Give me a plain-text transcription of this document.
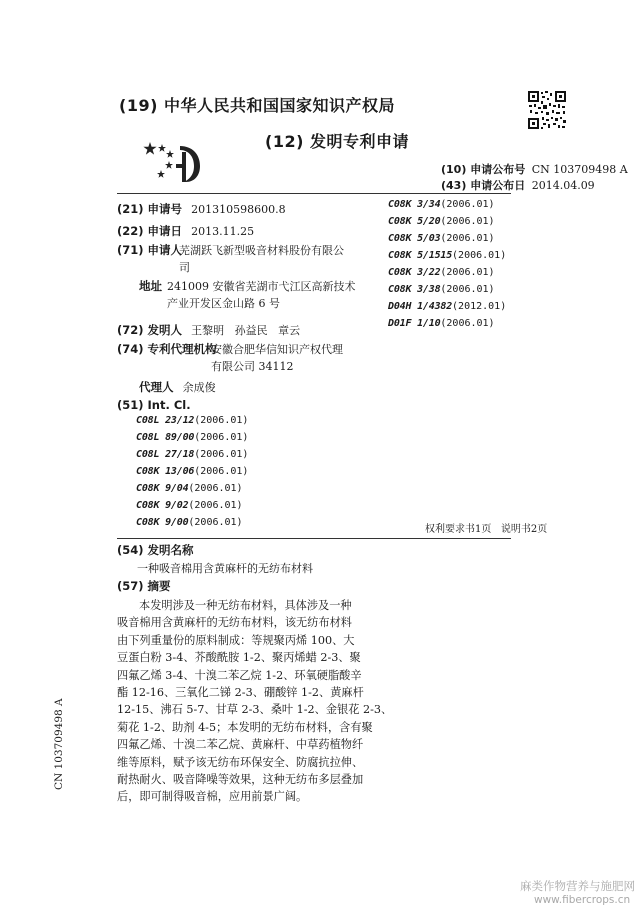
(19) 中华人民共和国国家知识产权局
(12) 发明专利申请
(10) 申请公布号 CN 103709498 A
(43) 申请公布日 2014.04.09
(21) 申请号 201310598600.8
(22) 申请日 2013.11.25
(71) 申请人
芜湖跃飞新型吸音材料股份有限公
司
地址 241009 安徽省芜湖市弋江区高新技术
产业开发区金山路 6 号
(72) 发明人 王黎明   孙益民   章云
(74) 专利代理机构
安徽合肥华信知识产权代理
有限公司 34112
代理人 余成俊
(51) Int. Cl.
C08L 23/12(2006.01)
C08L 89/00(2006.01)
C08L 27/18(2006.01)
C08K 13/06(2006.01)
C08K 9/04(2006.01)
C08K 9/02(2006.01)
C08K 9/00(2006.01)
C08K 3/34(2006.01)
C08K 5/20(2006.01)
C08K 5/03(2006.01)
C08K 5/1515(2006.01)
C08K 3/22(2006.01)
C08K 3/38(2006.01)
D04H 1/4382(2012.01)
D01F 1/10(2006.01)
权利要求书1页   说明书2页
(54) 发明名称
一种吸音棉用含黄麻杆的无纺布材料
(57) 摘要
本发明涉及一种无纺布材料，具体涉及一种
吸音棉用含黄麻杆的无纺布材料，该无纺布材料
由下列重量份的原料制成：等规聚丙烯 100、大
豆蛋白粉 3-4、芥酸酰胺 1-2、聚丙烯蜡 2-3、聚
四氟乙烯 3-4、十溴二苯乙烷 1-2、环氧硬脂酸辛
酯 12-16、三氧化二锑 2-3、硼酸锌 1-2、黄麻杆
12-15、沸石 5-7、甘草 2-3、桑叶 1-2、金银花 2-3、
菊花 1-2、助剂 4-5；本发明的无纺布材料，含有聚
四氟乙烯、十溴二苯乙烷、黄麻杆、中草药植物纤
维等原料，赋予该无纺布环保安全、防腐抗拉伸、
耐热耐火、吸音降噪等效果，这种无纺布多层叠加
后，即可制得吸音棉，应用前景广阔。
CN 103709498 A
麻类作物营养与施肥网
www.fibercrops.cn
